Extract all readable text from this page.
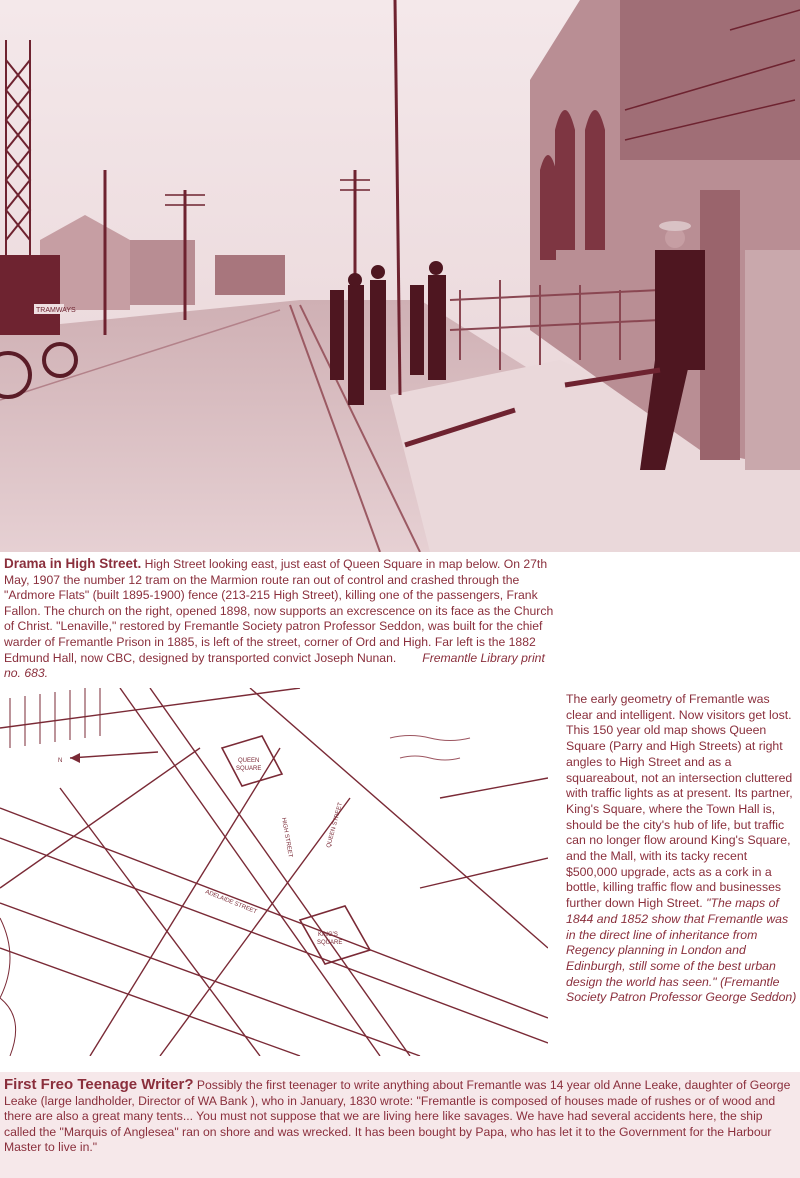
TRAMWAYS
Drama in High Street. High Street looking east, just east of Queen Square in map below. On 27th May, 1907 the number 12 tram on the Marmion route ran out of control and crashed through the "Ardmore Flats" (built 1895-1900) fence (213-215 High Street), killing one of the passengers, Frank Fallon. The church on the right, opened 1898, now supports an excrescence on its face as the Church of Christ. "Lenaville," restored by Fremantle Society patron Professor Seddon, was built for the chief warder of Fremantle Prison in 1885, is left of the street, corner of Ord and High. Far left is the 1882 Edmund Hall, now CBC, designed by transported convict Joseph Nunan. Fremantle Library print no. 683.
QUEEN
SQUARE
KING'S
SQUARE
HIGH STREET	QUEEN STREET
ADELAIDE STREET
N
The early geometry of Fremantle was clear and intelligent. Now visitors get lost. This 150 year old map shows Queen Square (Parry and High Streets) at right angles to High Street and as a squareabout, not an intersection cluttered with traffic lights as at present. Its partner, King's Square, where the Town Hall is, should be the city's hub of life, but traffic can no longer flow around King's Square, and the Mall, with its tacky recent $500,000 upgrade, acts as a cork in a bottle, killing traffic flow and businesses further down High Street. "The maps of 1844 and 1852 show that Fremantle was in the direct line of inheritance from Regency planning in London and Edinburgh, still some of the best urban design the world has seen." (Fremantle Society Patron Professor George Seddon)

First Freo Teenage Writer? Possibly the first teenager to write anything about Fremantle was 14 year old Anne Leake, daughter of George Leake (large landholder, Director of WA Bank ), who in January, 1830 wrote: "Fremantle is composed of houses made of rushes or of wood and there are also a great many tents... You must not suppose that we are living here like savages. We have had several accidents here, the ship called the "Marquis of Anglesea" ran on shore and was wrecked. It has been bought by Papa, who has let it to the Government for the Harbour Master to live in."
